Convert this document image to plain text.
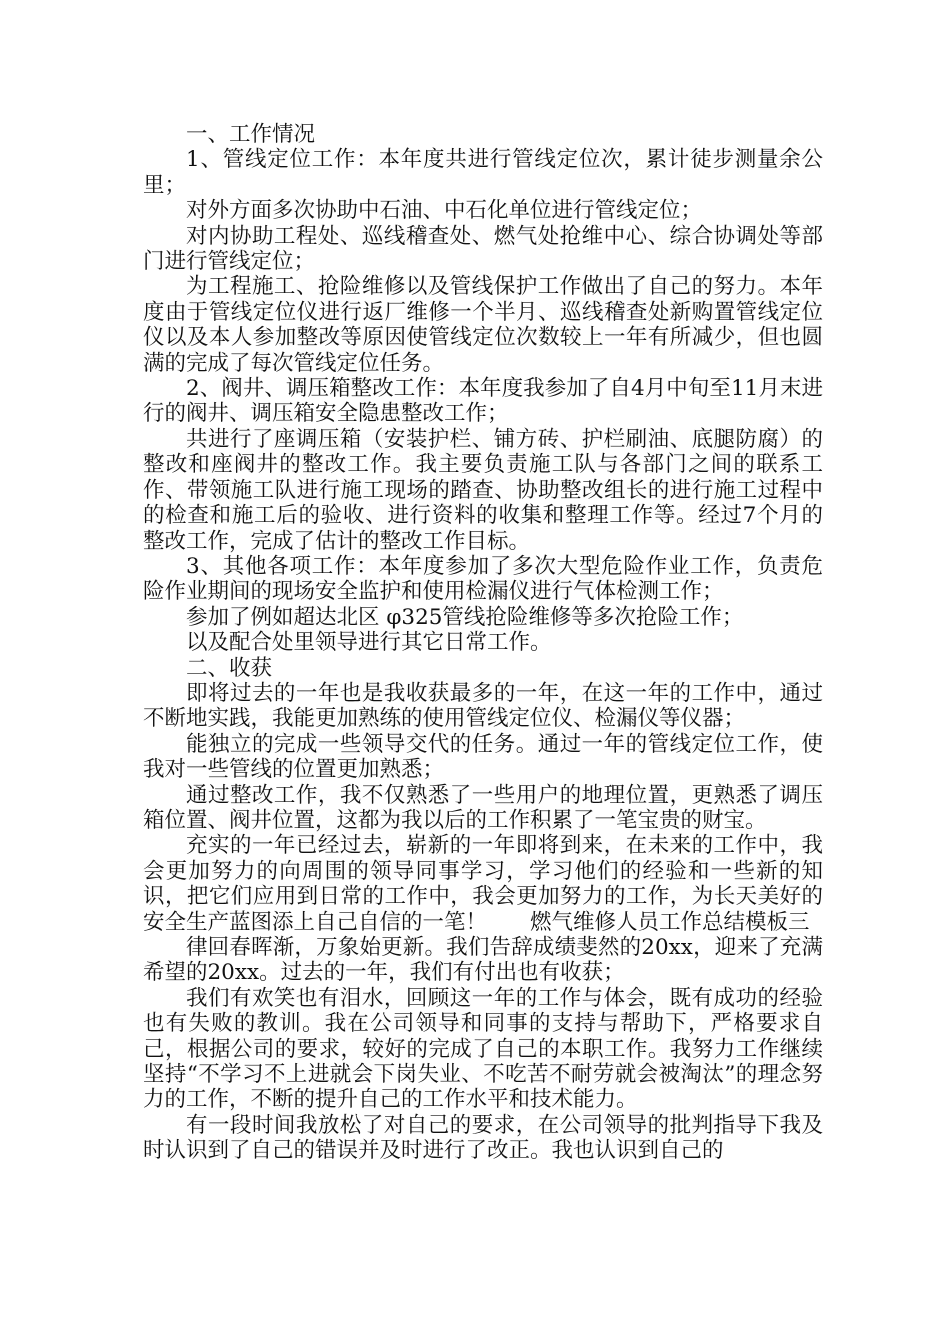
一、工作情况

1、管线定位工作：本年度共进行管线定位次，累计徒步测量余公里；

对外方面多次协助中石油、中石化单位进行管线定位；

对内协助工程处、巡线稽查处、燃气处抢维中心、综合协调处等部门进行管线定位；

为工程施工、抢险维修以及管线保护工作做出了自己的努力。本年度由于管线定位仪进行返厂维修一个半月、巡线稽查处新购置管线定位仪以及本人参加整改等原因使管线定位次数较上一年有所减少，但也圆满的完成了每次管线定位任务。

2、阀井、调压箱整改工作：本年度我参加了自4月中旬至11月末进行的阀井、调压箱安全隐患整改工作；

共进行了座调压箱（安装护栏、铺方砖、护栏刷油、底腿防腐）的整改和座阀井的整改工作。我主要负责施工队与各部门之间的联系工作、带领施工队进行施工现场的踏查、协助整改组长的进行施工过程中的检查和施工后的验收、进行资料的收集和整理工作等。经过7个月的整改工作，完成了估计的整改工作目标。

3、其他各项工作：本年度参加了多次大型危险作业工作，负责危险作业期间的现场安全监护和使用检漏仪进行气体检测工作；

参加了例如超达北区 φ325管线抢险维修等多次抢险工作；

以及配合处里领导进行其它日常工作。

二、收获

即将过去的一年也是我收获最多的一年，在这一年的工作中，通过不断地实践，我能更加熟练的使用管线定位仪、检漏仪等仪器；

能独立的完成一些领导交代的任务。通过一年的管线定位工作，使我对一些管线的位置更加熟悉；

通过整改工作，我不仅熟悉了一些用户的地理位置，更熟悉了调压箱位置、阀井位置，这都为我以后的工作积累了一笔宝贵的财宝。

充实的一年已经过去，崭新的一年即将到来，在未来的工作中，我会更加努力的向周围的领导同事学习，学习他们的经验和一些新的知识，把它们应用到日常的工作中，我会更加努力的工作，为长天美好的安全生产蓝图添上自己自信的一笔！　　燃气维修人员工作总结模板三

律回春晖渐，万象始更新。我们告辞成绩斐然的20xx，迎来了充满希望的20xx。过去的一年，我们有付出也有收获；

我们有欢笑也有泪水，回顾这一年的工作与体会，既有成功的经验也有失败的教训。我在公司领导和同事的支持与帮助下，严格要求自己，根据公司的要求，较好的完成了自己的本职工作。我努力工作继续坚持“不学习不上进就会下岗失业、不吃苦不耐劳就会被淘汰”的理念努力的工作，不断的提升自己的工作水平和技术能力。

有一段时间我放松了对自己的要求，在公司领导的批判指导下我及时认识到了自己的错误并及时进行了改正。我也认识到自己的
